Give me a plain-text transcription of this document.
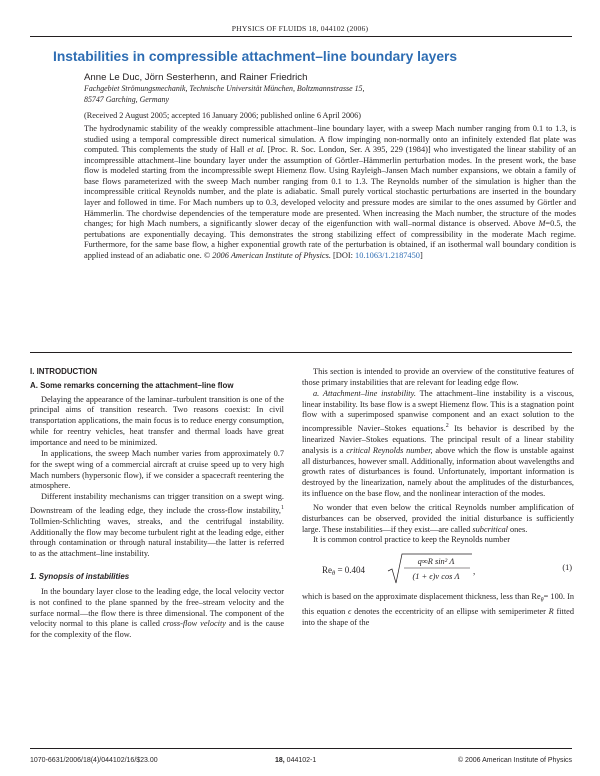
PHYSICS OF FLUIDS 18, 044102 (2006)
Instabilities in compressible attachment–line boundary layers
Anne Le Duc, Jörn Sesterhenn, and Rainer Friedrich
Fachgebiet Strömungsmechanik, Technische Universität München, Boltzmannstrasse 15,
85747 Garching, Germany
(Received 2 August 2005; accepted 16 January 2006; published online 6 April 2006)

The hydrodynamic stability of the weakly compressible attachment–line boundary layer, with a sweep Mach number ranging from 0.1 to 1.3, is studied using a temporal compressible direct numerical simulation. A flow impinging non-normally onto an infinitely extended flat plate was computed. This complements the study of Hall et al. [Proc. R. Soc. London, Ser. A 395, 229 (1984)] who investigated the linear stability of an incompressible attachment–line boundary layer under the assumption of Görtler–Hämmerlin perturbation modes. In the present work, the base flow is modeled starting from the incompressible swept Hiemenz flow. Using Rayleigh–Jansen Mach number expansions, we obtain a family of base flows parameterized with the sweep Mach number ranging from 0.1 to 1.3. The Reynolds number of the simulation is higher than the incompressible critical Reynolds number, and the plate is adiabatic. Small purely vortical stochastic perturbations are inserted in the boundary layer and followed in time. For Mach numbers up to 0.3, developed velocity and pressure modes are similar to the ones assumed by Görtler and Hämmerlin. The chordwise dependencies of the temperature mode are presented. When increasing the Mach number, the structure of the modes changes; for high Mach numbers, a significantly slower decay of the eigenfunction with wall–normal distance is observed. Above M=0.5, the pertubations are exponentially decaying. This demonstrates the strong stabilizing effect of compressibility in the moderate Mach regime. Furthermore, for the same base flow, a higher exponential growth rate of the perturbation is obtained, if an isothermal wall boundary condition is applied instead of an adiabatic one. © 2006 American Institute of Physics. [DOI: 10.1063/1.2187450]

I. INTRODUCTION
A. Some remarks concerning the attachment–line flow

Delaying the appearance of the laminar–turbulent transition is one of the principal aims of transition research. Two reasons coexist: In civil transportation applications, the main focus is to reduce energy consumption, while for reentry vehicles, heat transfer and thermal loads have great importance and need to be minimized.

In applications, the sweep Mach number varies from approximately 0.7 for the swept wing of a commercial aircraft at cruise speed up to very high Mach numbers (hypersonic flow), if we consider a spacecraft reentering the atmosphere.

Different instability mechanisms can trigger transition on a swept wing. Downstream of the leading edge, they include the cross-flow instability,$^1$ Tollmien-Schlichting waves, streaks, and the centrifugal instability. Additionally the flow may become turbulent right at the leading edge, either through contamination or through natural instability—the latter is referred to as the attachment–line instability.

1. Synopsis of instabilities

In the boundary layer close to the leading edge, the local velocity vector is not confined to the plane spanned by the free–stream velocity and the surface normal—the flow there is three dimensional. The component of the velocity normal to this plane is called cross-flow velocity and is the cause for the complexity of the flow.

This section is intended to provide an overview of the constitutive features of those primary instabilities that are relevant for leading edge flow.

a. Attachment–line instability. The attachment–line instability is a viscous, linear instability. Its base flow is a swept Hiemenz flow. This is a stagnation point flow with a superimposed spanwise component and an exact solution to the incompressible Navier–Stokes equations.$^2$ Its behavior is described by the linearized Navier–Stokes equations. The principal result of a linear stability analysis is a critical Reynolds number, above which the flow is unstable against all disturbances, however small. Additionally, information about wavelengths and growth rates of disturbances is found. Unfortunately, important information is destroyed by the linearization, namely about the amplitudes of the disturbances, its influence on the base flow, and the nonlinear interaction of the modes.

No wonder that even below the critical Reynolds number amplification of disturbances can be observed, provided the initial disturbance is sufficiently large. These instabilities—if they exist—are called subcritical ones.

It is common control practice to keep the Reynolds number

$Re_\theta = 0.404$
q∞R sin² Λ
(1 + ϵ)ν cos Λ
,	(1)

which is based on the approximate displacement thickness, less than $Re_\theta= 100$. In this equation ϵ denotes the eccentricity of an ellipse with semiperimeter R fitted into the shape of the

1070-6631/2006/18(4)/044102/16/$23.00	18, 044102-1	© 2006 American Institute of Physics
